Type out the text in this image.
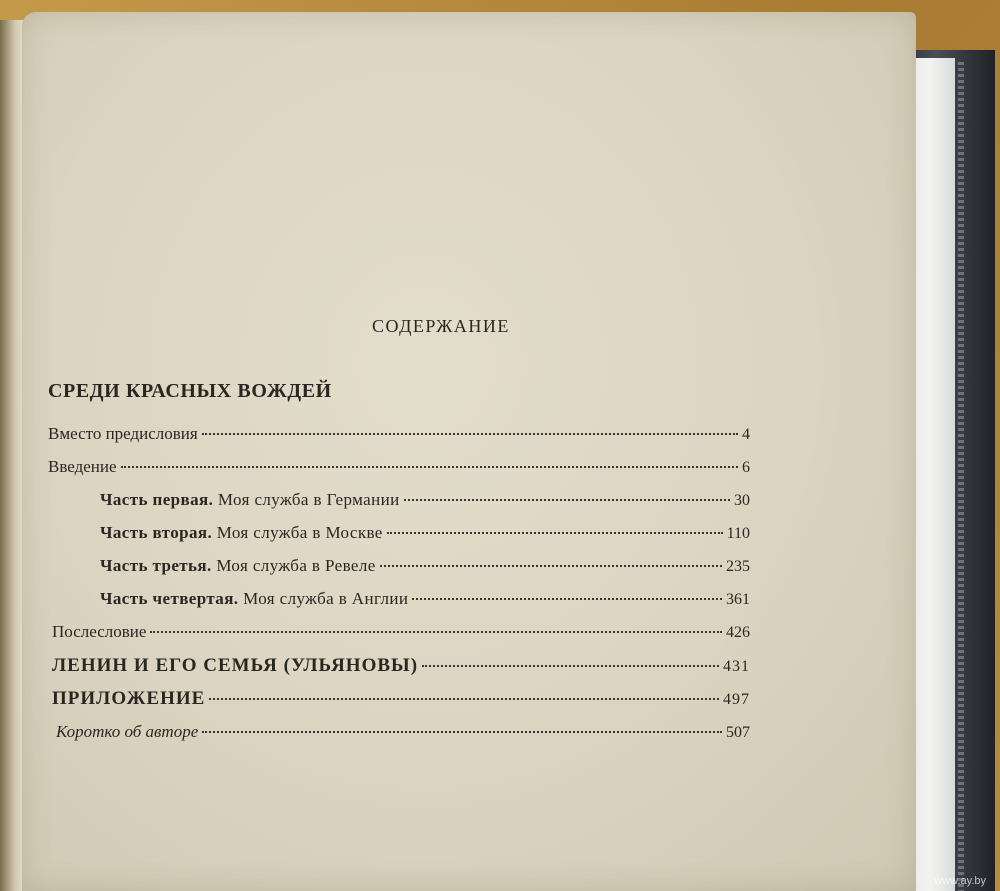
СОДЕРЖАНИЕ
СРЕДИ КРАСНЫХ ВОЖДЕЙ
Вместо предисловия	4
Введение	6
Часть первая. Моя служба в Германии	30
Часть вторая. Моя служба в Москве	110
Часть третья. Моя служба в Ревеле	235
Часть четвертая. Моя служба в Англии	361
Послесловие	426
ЛЕНИН И ЕГО СЕМЬЯ (УЛЬЯНОВЫ)	431
ПРИЛОЖЕНИЕ	497
Коротко об авторе	507
www.ay.by
